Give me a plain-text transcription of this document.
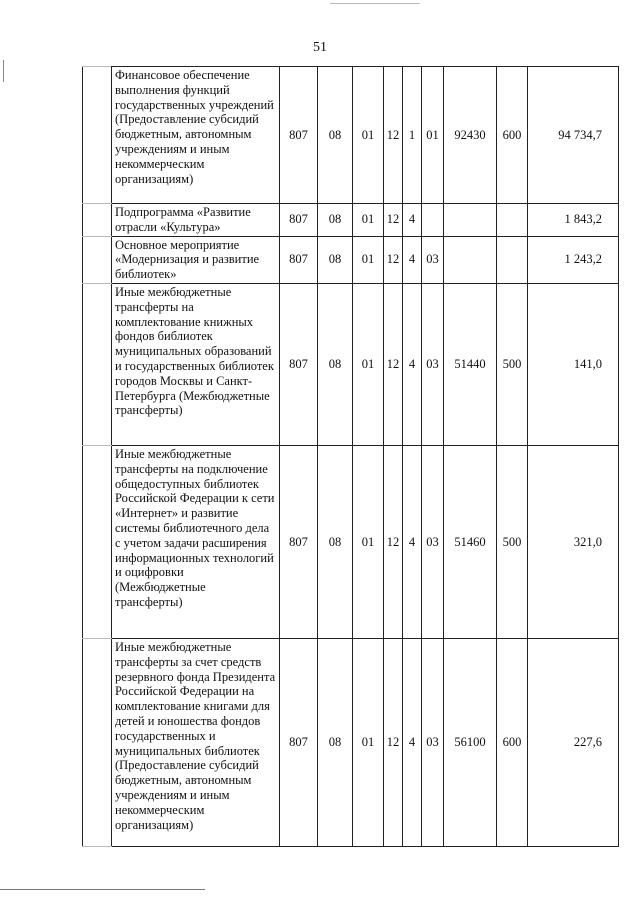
51
	Финансовое обеспечение выполнения функций государственных учреждений (Предоставление субсидий бюджетным, автономным учреждениям и иным некоммерческим организациям)	807	08	01	12	1	01	92430	600	94 734,7
	Подпрограмма «Развитие отрасли «Культура»	807	08	01	12	4				1 843,2
	Основное мероприятие «Модернизация и развитие библиотек»	807	08	01	12	4	03			1 243,2
	Иные межбюджетные трансферты на комплектование книжных фондов библиотек муниципальных образований и государственных библиотек городов Москвы и Санкт-Петербурга (Межбюджетные трансферты)	807	08	01	12	4	03	51440	500	141,0
	Иные межбюджетные трансферты на подключение общедоступных библиотек Российской Федерации к сети «Интернет» и развитие системы библиотечного дела с учетом задачи расширения информационных технологий и оцифровки (Межбюджетные трансферты)	807	08	01	12	4	03	51460	500	321,0
	Иные межбюджетные трансферты за счет средств резервного фонда Президента Российской Федерации на комплектование книгами для детей и юношества фондов государственных и муниципальных библиотек (Предоставление субсидий бюджетным, автономным учреждениям и иным некоммерческим организациям)	807	08	01	12	4	03	56100	600	227,6
